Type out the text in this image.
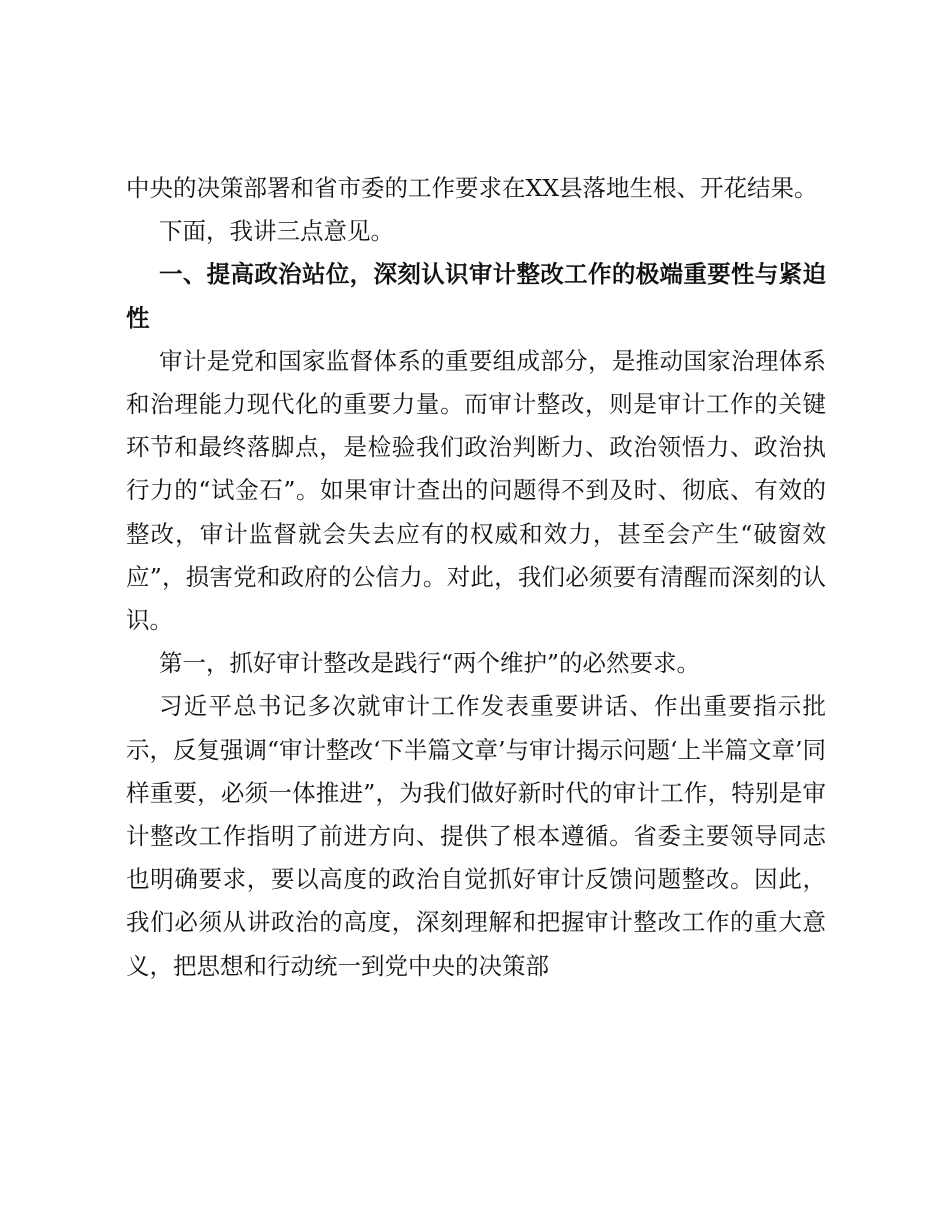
中央的决策部署和省市委的工作要求在XX县落地生根、开花结果。

下面，我讲三点意见。

一、提高政治站位，深刻认识审计整改工作的极端重要性与紧迫性

审计是党和国家监督体系的重要组成部分，是推动国家治理体系和治理能力现代化的重要力量。而审计整改，则是审计工作的关键环节和最终落脚点，是检验我们政治判断力、政治领悟力、政治执行力的“试金石”。如果审计查出的问题得不到及时、彻底、有效的整改，审计监督就会失去应有的权威和效力，甚至会产生“破窗效应”，损害党和政府的公信力。对此，我们必须要有清醒而深刻的认识。

第一，抓好审计整改是践行“两个维护”的必然要求。

习近平总书记多次就审计工作发表重要讲话、作出重要指示批示，反复强调“审计整改‘下半篇文章’与审计揭示问题‘上半篇文章’同样重要，必须一体推进”，为我们做好新时代的审计工作，特别是审计整改工作指明了前进方向、提供了根本遵循。省委主要领导同志也明确要求，要以高度的政治自觉抓好审计反馈问题整改。因此，我们必须从讲政治的高度，深刻理解和把握审计整改工作的重大意义，把思想和行动统一到党中央的决策部
